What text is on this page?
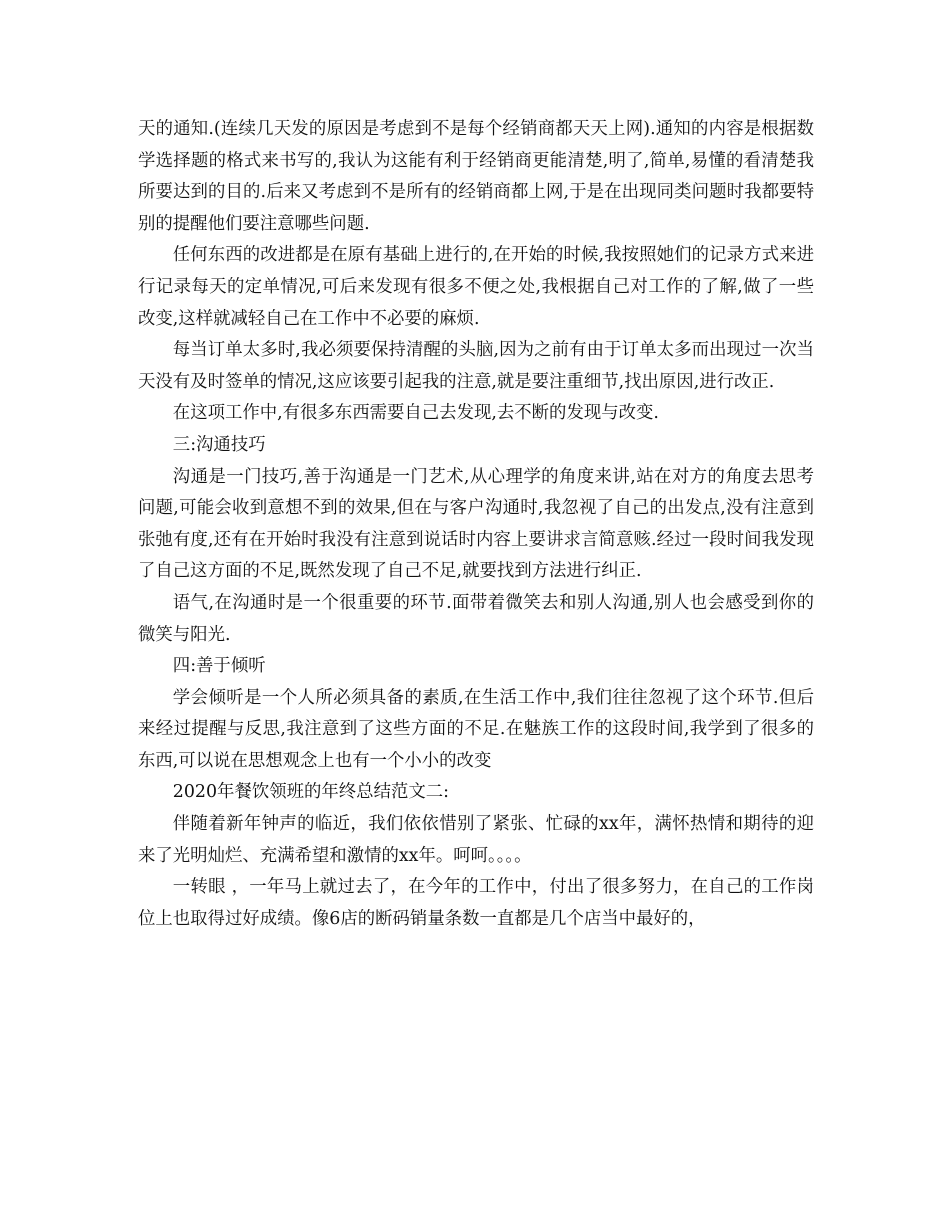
天的通知.(连续几天发的原因是考虑到不是每个经销商都天天上网).通知的内容是根据数学选择题的格式来书写的,我认为这能有利于经销商更能清楚,明了,简单,易懂的看清楚我所要达到的目的.后来又考虑到不是所有的经销商都上网,于是在出现同类问题时我都要特别的提醒他们要注意哪些问题.

任何东西的改进都是在原有基础上进行的,在开始的时候,我按照她们的记录方式来进行记录每天的定单情况,可后来发现有很多不便之处,我根据自己对工作的了解,做了一些改变,这样就减轻自己在工作中不必要的麻烦.

每当订单太多时,我必须要保持清醒的头脑,因为之前有由于订单太多而出现过一次当天没有及时签单的情况,这应该要引起我的注意,就是要注重细节,找出原因,进行改正.

在这项工作中,有很多东西需要自己去发现,去不断的发现与改变.

三:沟通技巧

沟通是一门技巧,善于沟通是一门艺术,从心理学的角度来讲,站在对方的角度去思考问题,可能会收到意想不到的效果,但在与客户沟通时,我忽视了自己的出发点,没有注意到张弛有度,还有在开始时我没有注意到说话时内容上要讲求言简意赅.经过一段时间我发现了自己这方面的不足,既然发现了自己不足,就要找到方法进行纠正.

语气,在沟通时是一个很重要的环节.面带着微笑去和别人沟通,别人也会感受到你的微笑与阳光.

四:善于倾听

学会倾听是一个人所必须具备的素质,在生活工作中,我们往往忽视了这个环节.但后来经过提醒与反思,我注意到了这些方面的不足.在魅族工作的这段时间,我学到了很多的东西,可以说在思想观念上也有一个小小的改变

2020年餐饮领班的年终总结范文二:

伴随着新年钟声的临近，我们依依惜别了紧张、忙碌的xx年，满怀热情和期待的迎来了光明灿烂、充满希望和激情的xx年。呵呵。。。。

一转眼 ，一年马上就过去了，在今年的工作中，付出了很多努力，在自己的工作岗位上也取得过好成绩。像6店的断码销量条数一直都是几个店当中最好的，
